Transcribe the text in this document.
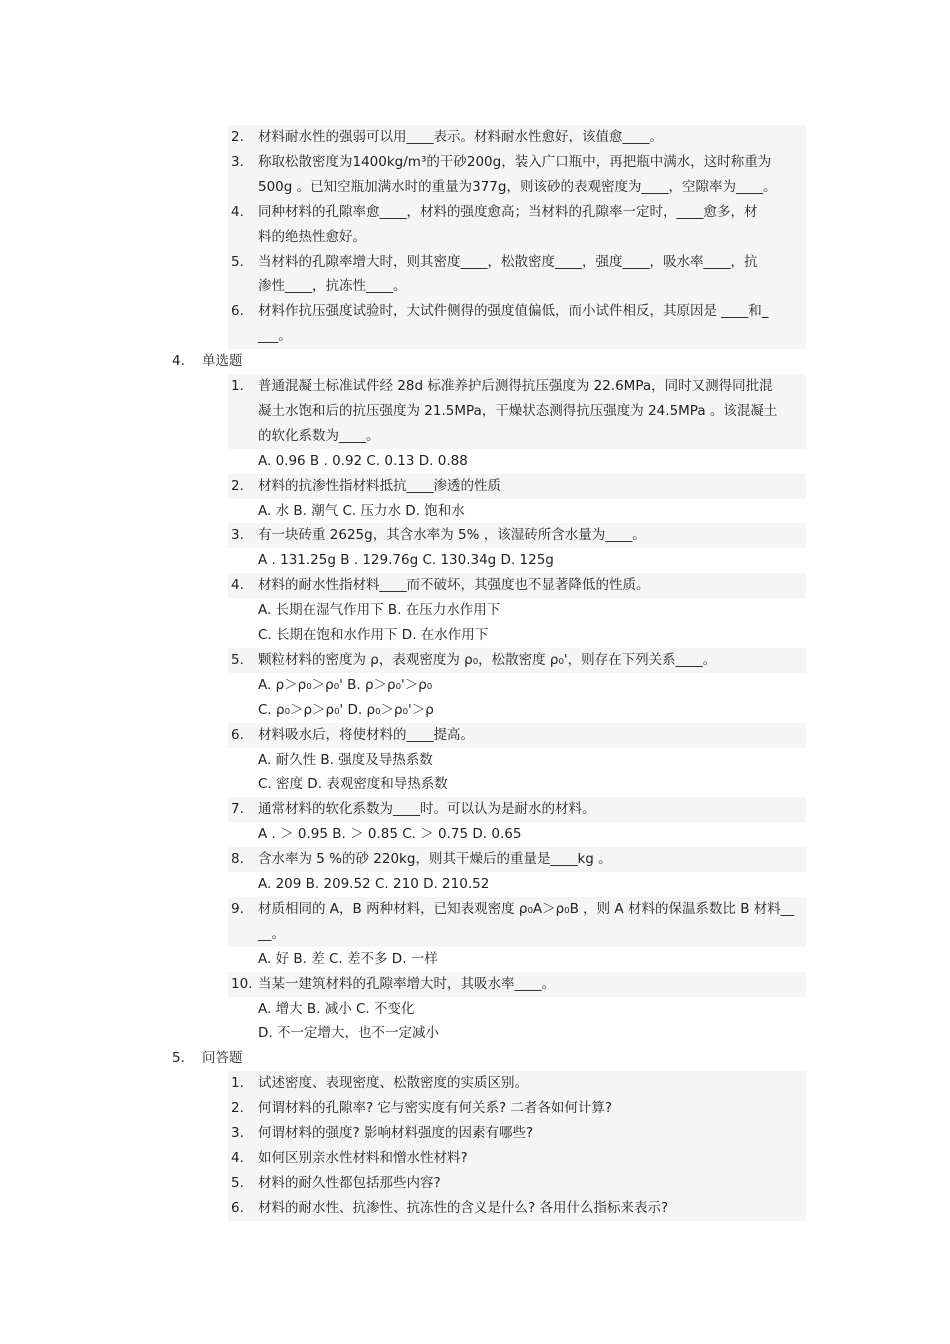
2. 材料耐水性的强弱可以用____表示。材料耐水性愈好，该值愈____。
3. 称取松散密度为1400kg/m³的干砂200g，装入广口瓶中，再把瓶中满水，这时称重为
500g 。已知空瓶加满水时的重量为377g，则该砂的表观密度为____，空隙率为____。
4. 同种材料的孔隙率愈____，材料的强度愈高；当材料的孔隙率一定时，____愈多，材
料的绝热性愈好。
5. 当材料的孔隙率增大时，则其密度____，松散密度____，强度____，吸水率____，抗
渗性____，抗冻性____。
6. 材料作抗压强度试验时，大试件侧得的强度值偏低，而小试件相反，其原因是 ____和_
___。
4. 单选题
1. 普通混凝土标准试件经 28d 标准养护后测得抗压强度为 22.6MPa，同时又测得同批混
凝土水饱和后的抗压强度为 21.5MPa，干燥状态测得抗压强度为 24.5MPa 。该混凝土
的软化系数为____。
A. 0.96 B . 0.92 C. 0.13 D. 0.88
2. 材料的抗渗性指材料抵抗____渗透的性质
A. 水 B. 潮气 C. 压力水 D. 饱和水
3. 有一块砖重 2625g，其含水率为 5% ，该湿砖所含水量为____。
A . 131.25g B . 129.76g C. 130.34g D. 125g
4. 材料的耐水性指材料____而不破坏，其强度也不显著降低的性质。
A. 长期在湿气作用下 B. 在压力水作用下
C. 长期在饱和水作用下 D. 在水作用下
5. 颗粒材料的密度为 ρ，表观密度为 ρ₀，松散密度 ρ₀'，则存在下列关系____。
A. ρ＞ρ₀＞ρ₀' B. ρ＞ρ₀'＞ρ₀
C. ρ₀＞ρ＞ρ₀' D. ρ₀＞ρ₀'＞ρ
6. 材料吸水后，将使材料的____提高。
A. 耐久性 B. 强度及导热系数
C. 密度 D. 表观密度和导热系数
7. 通常材料的软化系数为____时。可以认为是耐水的材料。
A . ＞ 0.95 B. ＞ 0.85 C. ＞ 0.75 D. 0.65
8. 含水率为 5 %的砂 220kg，则其干燥后的重量是____kg 。
A. 209 B. 209.52 C. 210 D. 210.52
9. 材质相同的 A，B 两种材料，已知表观密度 ρ₀A＞ρ₀B ，则 A 材料的保温系数比 B 材料__
__。
A. 好 B. 差 C. 差不多 D. 一样
10. 当某一建筑材料的孔隙率增大时，其吸水率____。
A. 增大 B. 减小 C. 不变化
D. 不一定增大，也不一定减小
5. 问答题
1. 试述密度、表现密度、松散密度的实质区别。
2. 何谓材料的孔隙率? 它与密实度有何关系? 二者各如何计算?
3. 何谓材料的强度? 影响材料强度的因素有哪些?
4. 如何区别亲水性材料和憎水性材料?
5. 材料的耐久性都包括那些内容?
6. 材料的耐水性、抗渗性、抗冻性的含义是什么? 各用什么指标来表示?
